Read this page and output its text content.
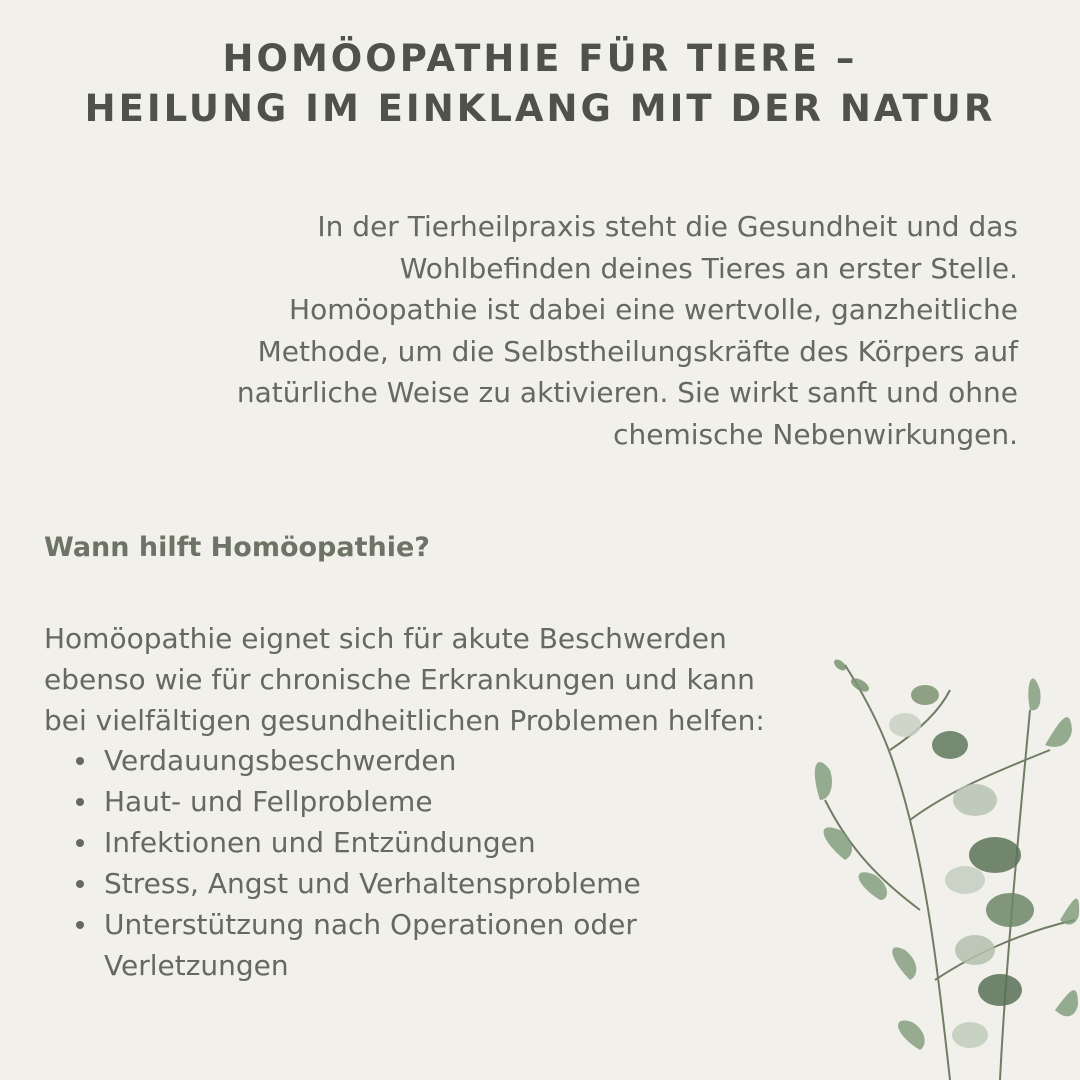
HOMÖOPATHIE FÜR TIERE –
HEILUNG IM EINKLANG MIT DER NATUR

In der Tierheilpraxis steht die Gesundheit und das
Wohlbefinden deines Tieres an erster Stelle.
Homöopathie ist dabei eine wertvolle, ganzheitliche
Methode, um die Selbstheilungskräfte des Körpers auf
natürliche Weise zu aktivieren. Sie wirkt sanft und ohne
chemische Nebenwirkungen.

Wann hilft Homöopathie?

Homöopathie eignet sich für akute Beschwerden
ebenso wie für chronische Erkrankungen und kann
bei vielfältigen gesundheitlichen Problemen helfen:

Verdauungsbeschwerden
Haut- und Fellprobleme
Infektionen und Entzündungen
Stress, Angst und Verhaltensprobleme
Unterstützung nach Operationen oder Verletzungen
